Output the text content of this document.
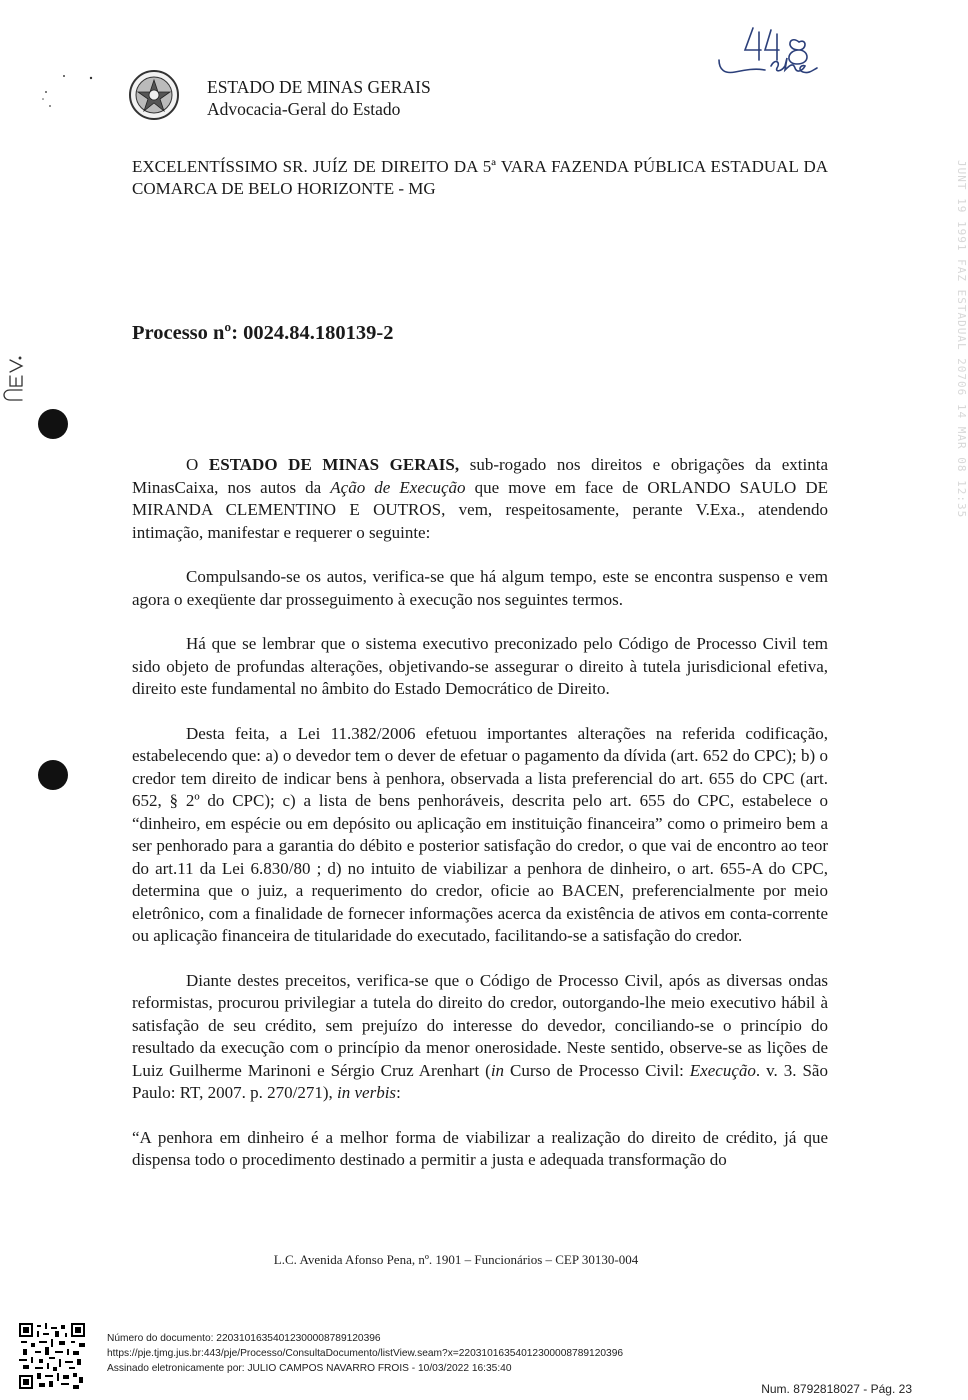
ESTADO DE MINAS GERAIS
Advocacia-Geral do Estado
JUNT 19 1991 FAZ ESTADUAL 20706 14 MAR 08 12:35
EXCELENTÍSSIMO SR. JUÍZ DE DIREITO DA 5ª VARA FAZENDA PÚBLICA ESTADUAL DA COMARCA DE BELO HORIZONTE - MG
Processo nº: 0024.84.180139-2

O ESTADO DE MINAS GERAIS, sub-rogado nos direitos e obrigações da extinta MinasCaixa, nos autos da Ação de Execução que move em face de ORLANDO SAULO DE MIRANDA CLEMENTINO E OUTROS, vem, respeitosamente, perante V.Exa., atendendo intimação, manifestar e requerer o seguinte:

Compulsando-se os autos, verifica-se que há algum tempo, este se encontra suspenso e vem agora o exeqüente dar prosseguimento à execução nos seguintes termos.

Há que se lembrar que o sistema executivo preconizado pelo Código de Processo Civil tem sido objeto de profundas alterações, objetivando-se assegurar o direito à tutela jurisdicional efetiva, direito este fundamental no âmbito do Estado Democrático de Direito.

Desta feita, a Lei 11.382/2006 efetuou importantes alterações na referida codificação, estabelecendo que: a) o devedor tem o dever de efetuar o pagamento da dívida (art. 652 do CPC); b) o credor tem direito de indicar bens à penhora, observada a lista preferencial do art. 655 do CPC (art. 652, § 2º do CPC); c) a lista de bens penhoráveis, descrita pelo art. 655 do CPC, estabelece o “dinheiro, em espécie ou em depósito ou aplicação em instituição financeira” como o primeiro bem a ser penhorado para a garantia do débito e posterior satisfação do credor, o que vai de encontro ao teor do art.11 da Lei 6.830/80 ; d) no intuito de viabilizar a penhora de dinheiro, o art. 655-A do CPC, determina que o juiz, a requerimento do credor, oficie ao BACEN, preferencialmente por meio eletrônico, com a finalidade de fornecer informações acerca da existência de ativos em conta-corrente ou aplicação financeira de titularidade do executado, facilitando-se a satisfação do credor.

Diante destes preceitos, verifica-se que o Código de Processo Civil, após as diversas ondas reformistas, procurou privilegiar a tutela do direito do credor, outorgando-lhe meio executivo hábil à satisfação de seu crédito, sem prejuízo do interesse do devedor, conciliando-se o princípio do resultado da execução com o princípio da menor onerosidade. Neste sentido, observe-se as lições de Luiz Guilherme Marinoni e Sérgio Cruz Arenhart (in Curso de Processo Civil: Execução. v. 3. São Paulo: RT, 2007. p. 270/271), in verbis:

“A penhora em dinheiro é a melhor forma de viabilizar a realização do direito de crédito, já que dispensa todo o procedimento destinado a permitir a justa e adequada transformação do

L.C. Avenida Afonso Pena, nº. 1901 – Funcionários – CEP 30130-004
Número do documento: 22031016354012300008789120396
https://pje.tjmg.jus.br:443/pje/Processo/ConsultaDocumento/listView.seam?x=22031016354012300008789120396
Assinado eletronicamente por: JULIO CAMPOS NAVARRO FROIS - 10/03/2022 16:35:40
Num. 8792818027 - Pág. 23
